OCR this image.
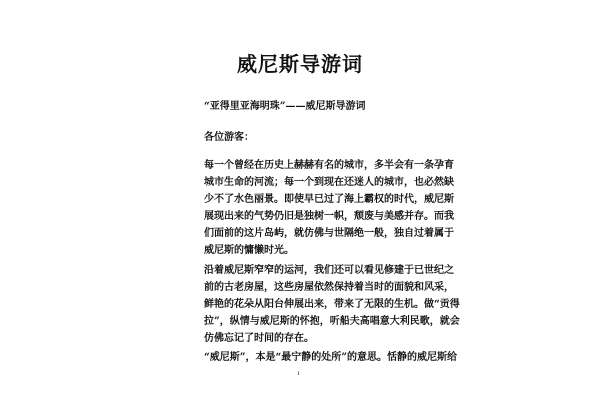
威尼斯导游词

“亚得里亚海明珠”——威尼斯导游词

各位游客：

每一个曾经在历史上赫赫有名的城市，多半会有一条孕育
城市生命的河流；每一个到现在还迷人的城市，也必然缺
少不了水色丽景。即使早已过了海上霸权的时代，威尼斯
展现出来的气势仍旧是独树一帜，颓废与美感并存。而我
们面前的这片岛屿，就仿佛与世隔绝一般，独自过着属于
威尼斯的慵懒时光。
沿着威尼斯窄窄的运河，我们还可以看见修建于已世纪之
前的古老房屋，这些房屋依然保持着当时的面貌和风采，
鲜艳的花朵从阳台伸展出来，带来了无限的生机。做“贡得
拉”，纵情与威尼斯的怀抱，听船夫高唱意大利民歌，就会
仿佛忘记了时间的存在。
“威尼斯”，本是“最宁静的处所”的意思。恬静的威尼斯给

1
